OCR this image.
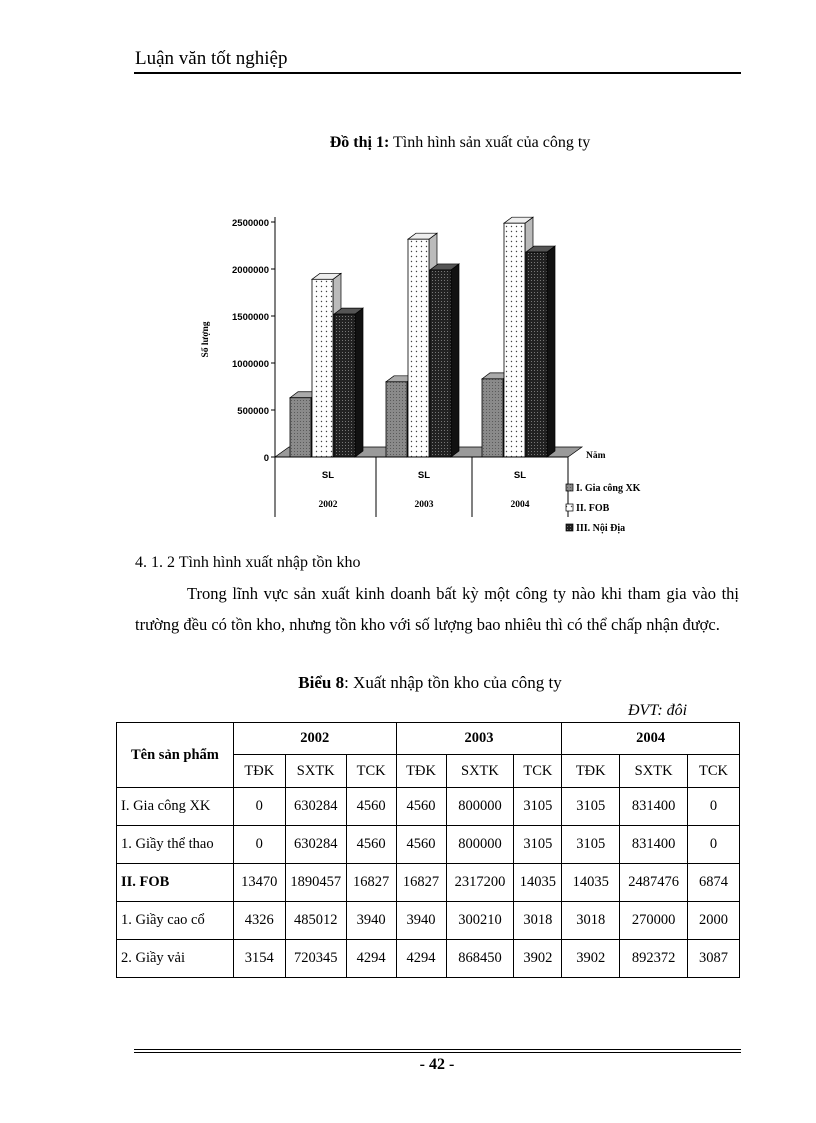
Luận văn tốt nghiệp
Đồ thị 1: Tình hình sản xuất của công ty
0
500000
1000000
1500000
2000000
2500000
Số lượng
SL
2002
SL
2003
SL
2004
Năm
I. Gia công XK
II. FOB
III. Nội Địa
4. 1. 2 Tình hình xuất nhập tồn kho
Trong lĩnh vực sản xuất kinh doanh bất kỳ một công ty nào khi tham gia vào thị trường đều có tồn kho, nhưng tồn kho với số lượng bao nhiêu thì có thể chấp nhận được.
Biểu 8: Xuất nhập tồn kho của công ty
ĐVT: đôi
Tên sản phẩm	2002			2003			2004		
	TĐK	SXTK	TCK	TĐK	SXTK	TCK	TĐK	SXTK	TCK
I. Gia công XK	0	630284	4560	4560	800000	3105	3105	831400	0
1. Giầy thể thao	0	630284	4560	4560	800000	3105	3105	831400	0
II. FOB	13470	1890457	16827	16827	2317200	14035	14035	2487476	6874
1. Giầy cao cổ	4326	485012	3940	3940	300210	3018	3018	270000	2000
2. Giầy vải	3154	720345	4294	4294	868450	3902	3902	892372	3087
- 42 -
